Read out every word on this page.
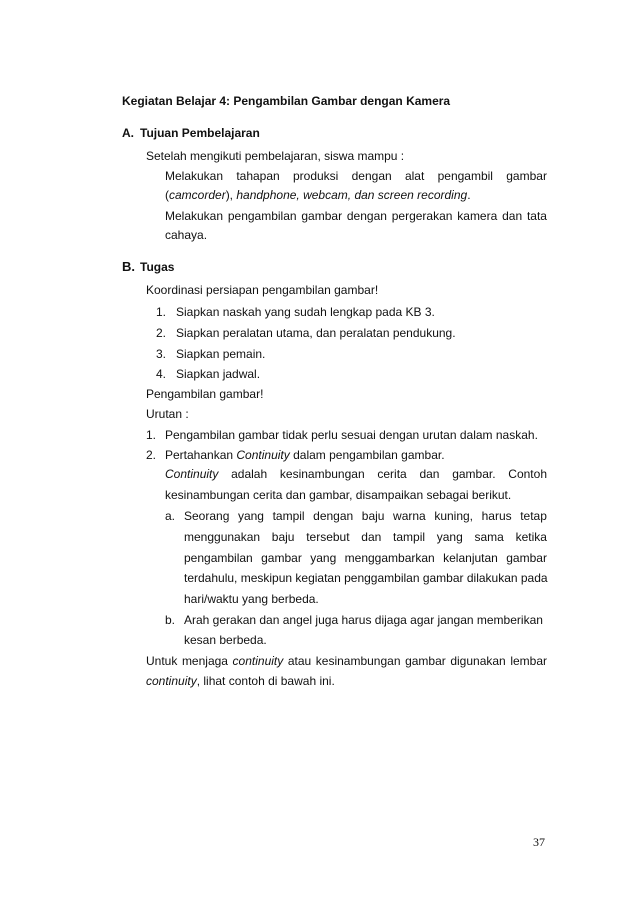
Kegiatan Belajar 4: Pengambilan Gambar dengan Kamera
A. Tujuan Pembelajaran
Setelah mengikuti pembelajaran, siswa mampu :
Melakukan tahapan produksi dengan alat pengambil gambar
(camcorder), handphone, webcam, dan screen recording.
Melakukan pengambilan gambar dengan pergerakan kamera dan tata
cahaya.
B. Tugas
Koordinasi persiapan pengambilan gambar!
1. Siapkan naskah yang sudah lengkap pada KB 3.
2. Siapkan peralatan utama, dan peralatan pendukung.
3. Siapkan pemain.
4. Siapkan jadwal.
Pengambilan gambar!
Urutan :
1. Pengambilan gambar tidak perlu sesuai dengan urutan dalam naskah.
2. Pertahankan Continuity dalam pengambilan gambar.
Continuity adalah kesinambungan cerita dan gambar. Contoh
kesinambungan cerita dan gambar, disampaikan sebagai berikut.
a. Seorang yang tampil dengan baju warna kuning, harus tetap
menggunakan baju tersebut dan tampil yang sama ketika
pengambilan gambar yang menggambarkan kelanjutan gambar
terdahulu, meskipun kegiatan penggambilan gambar dilakukan pada
hari/waktu yang berbeda.
b. Arah gerakan dan angel juga harus dijaga agar jangan memberikan
kesan berbeda.
Untuk menjaga continuity atau kesinambungan gambar digunakan lembar
continuity, lihat contoh di bawah ini.
37
